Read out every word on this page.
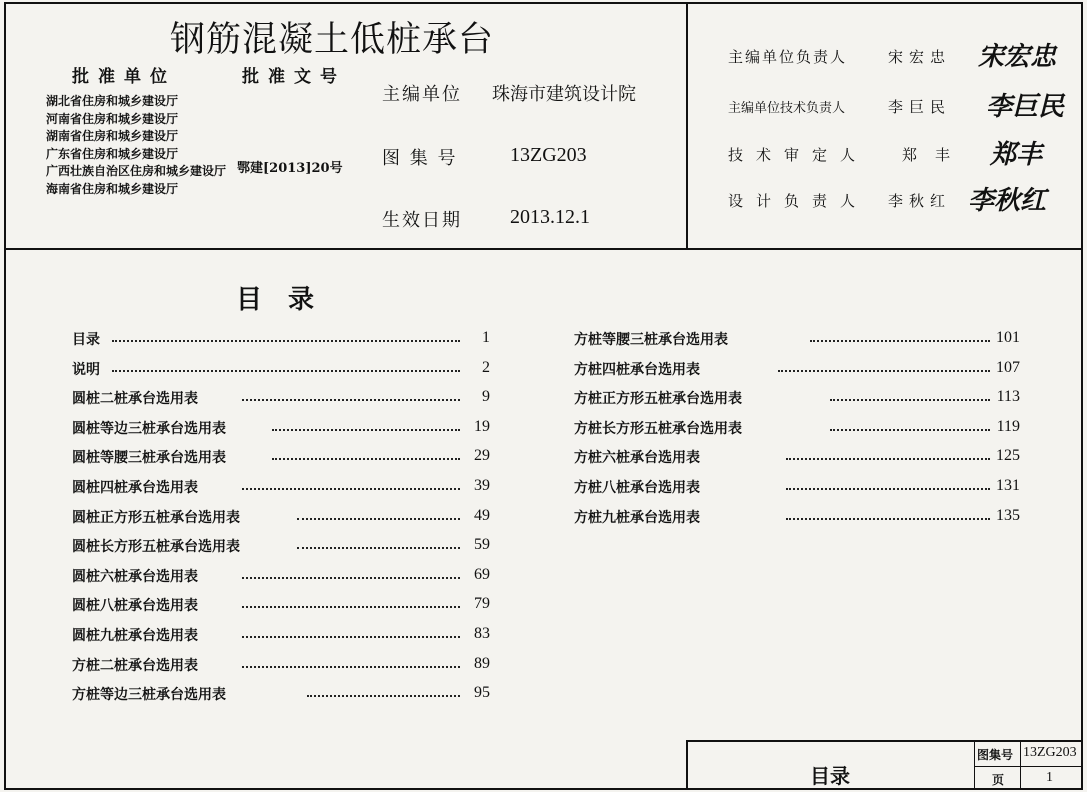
钢筋混凝土低桩承台
批准单位	批准文号
湖北省住房和城乡建设厅
河南省住房和城乡建设厅
湖南省住房和城乡建设厅
广东省住房和城乡建设厅
广西壮族自治区住房和城乡建设厅
海南省住房和城乡建设厅
鄂建[2013]20号
主编单位 珠海市建筑设计院
图 集 号	13ZG203
生效日期 2013.12.1
主编单位负责人	宋宏忠 宋宏忠
主编单位技术负责人	李巨民 李巨民
技术审定人 郑丰 郑丰
设计负责人 李秋红 李秋红
目录
目录	1
说明	2
圆桩二桩承台选用表	9
圆桩等边三桩承台选用表	19
圆桩等腰三桩承台选用表	29
圆桩四桩承台选用表	39
圆桩正方形五桩承台选用表	49
圆桩长方形五桩承台选用表	59
圆桩六桩承台选用表	69
圆桩八桩承台选用表	79
圆桩九桩承台选用表	83
方桩二桩承台选用表	89
方桩等边三桩承台选用表	95
方桩等腰三桩承台选用表	101
方桩四桩承台选用表	107
方桩正方形五桩承台选用表	113
方桩长方形五桩承台选用表	119
方桩六桩承台选用表	125
方桩八桩承台选用表	131
方桩九桩承台选用表	135
目录
图集号 13ZG203
页	1
